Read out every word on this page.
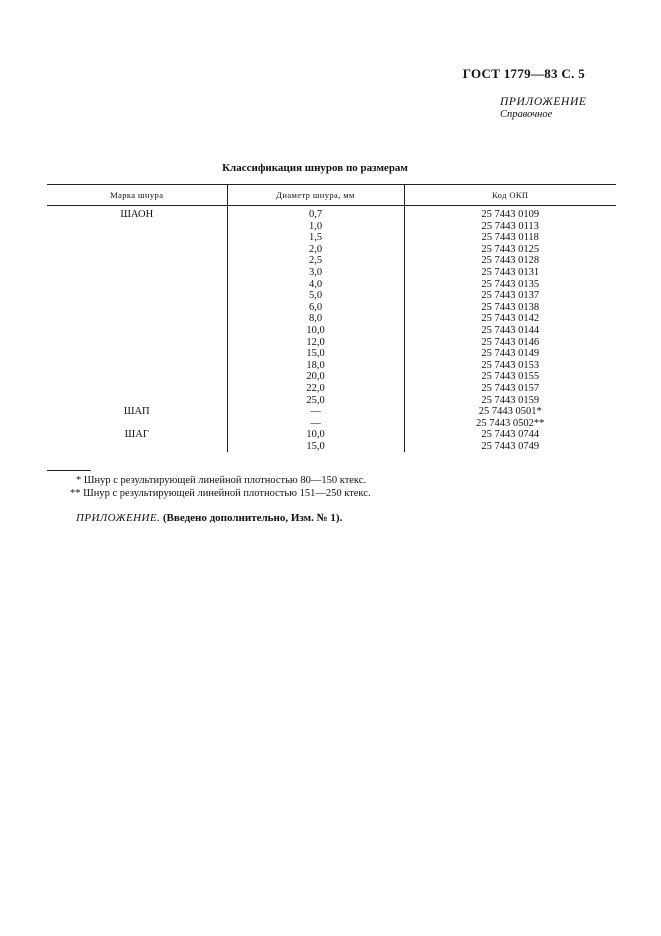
ГОСТ 1779—83 С. 5
ПРИЛОЖЕНИЕ
Справочное
Классификация шнуров по размерам
Марка шнура	Диаметр шнура, мм	Код ОКП
ШАОН	0,7	25 7443 0109
	1,0	25 7443 0113
	1,5	25 7443 0118
	2,0	25 7443 0125
	2,5	25 7443 0128
	3,0	25 7443 0131
	4,0	25 7443 0135
	5,0	25 7443 0137
	6,0	25 7443 0138
	8,0	25 7443 0142
	10,0	25 7443 0144
	12,0	25 7443 0146
	15,0	25 7443 0149
	18,0	25 7443 0153
	20,0	25 7443 0155
	22,0	25 7443 0157
	25,0	25 7443 0159
ШАП	—	25 7443 0501*
	—	25 7443 0502**
ШАГ	10,0	25 7443 0744
	15,0	25 7443 0749
* Шнур с результирующей линейной плотностью 80—150 ктекс.
** Шнур с результирующей линейной плотностью 151—250 ктекс.
ПРИЛОЖЕНИЕ. (Введено дополнительно, Изм. № 1).
